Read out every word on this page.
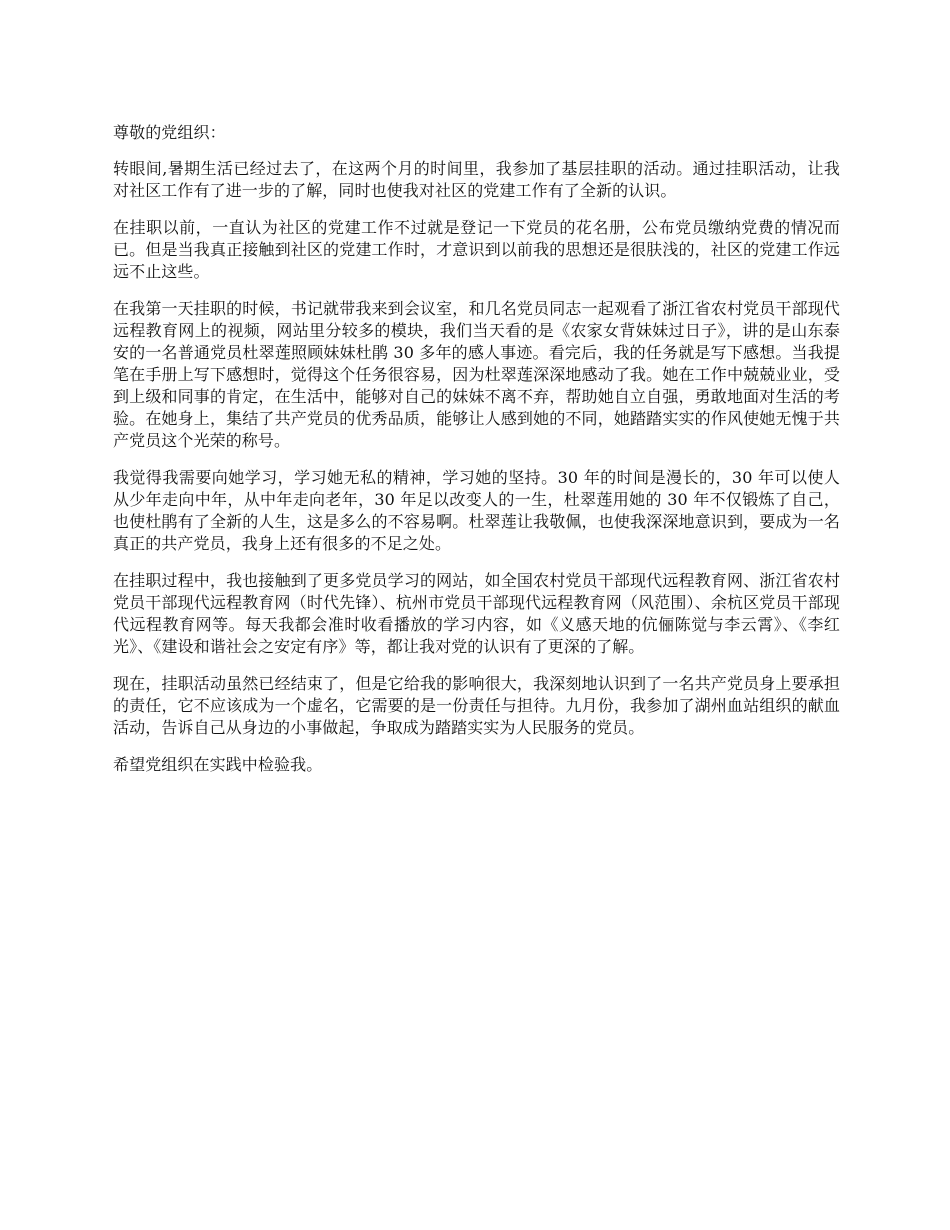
尊敬的党组织：

转眼间,暑期生活已经过去了，在这两个月的时间里，我参加了基层挂职的活动。通过挂职活动，让我对社区工作有了进一步的了解，同时也使我对社区的党建工作有了全新的认识。

在挂职以前，一直认为社区的党建工作不过就是登记一下党员的花名册，公布党员缴纳党费的情况而已。但是当我真正接触到社区的党建工作时，才意识到以前我的思想还是很肤浅的，社区的党建工作远远不止这些。

在我第一天挂职的时候，书记就带我来到会议室，和几名党员同志一起观看了浙江省农村党员干部现代远程教育网上的视频，网站里分较多的模块，我们当天看的是《农家女背妹妹过日子》，讲的是山东泰安的一名普通党员杜翠莲照顾妹妹杜鹃 30 多年的感人事迹。看完后，我的任务就是写下感想。当我提笔在手册上写下感想时，觉得这个任务很容易，因为杜翠莲深深地感动了我。她在工作中兢兢业业，受到上级和同事的肯定，在生活中，能够对自己的妹妹不离不弃，帮助她自立自强，勇敢地面对生活的考验。在她身上，集结了共产党员的优秀品质，能够让人感到她的不同，她踏踏实实的作风使她无愧于共产党员这个光荣的称号。

我觉得我需要向她学习，学习她无私的精神，学习她的坚持。30 年的时间是漫长的，30 年可以使人从少年走向中年，从中年走向老年，30 年足以改变人的一生，杜翠莲用她的 30 年不仅锻炼了自己，也使杜鹃有了全新的人生，这是多么的不容易啊。杜翠莲让我敬佩，也使我深深地意识到，要成为一名真正的共产党员，我身上还有很多的不足之处。

在挂职过程中，我也接触到了更多党员学习的网站，如全国农村党员干部现代远程教育网、浙江省农村党员干部现代远程教育网（时代先锋）、杭州市党员干部现代远程教育网（风范围）、余杭区党员干部现代远程教育网等。每天我都会准时收看播放的学习内容，如《义感天地的伉俪陈觉与李云霄》、《李红光》、《建设和谐社会之安定有序》等，都让我对党的认识有了更深的了解。

现在，挂职活动虽然已经结束了，但是它给我的影响很大，我深刻地认识到了一名共产党员身上要承担的责任，它不应该成为一个虚名，它需要的是一份责任与担待。九月份，我参加了湖州血站组织的献血活动，告诉自己从身边的小事做起，争取成为踏踏实实为人民服务的党员。

希望党组织在实践中检验我。
